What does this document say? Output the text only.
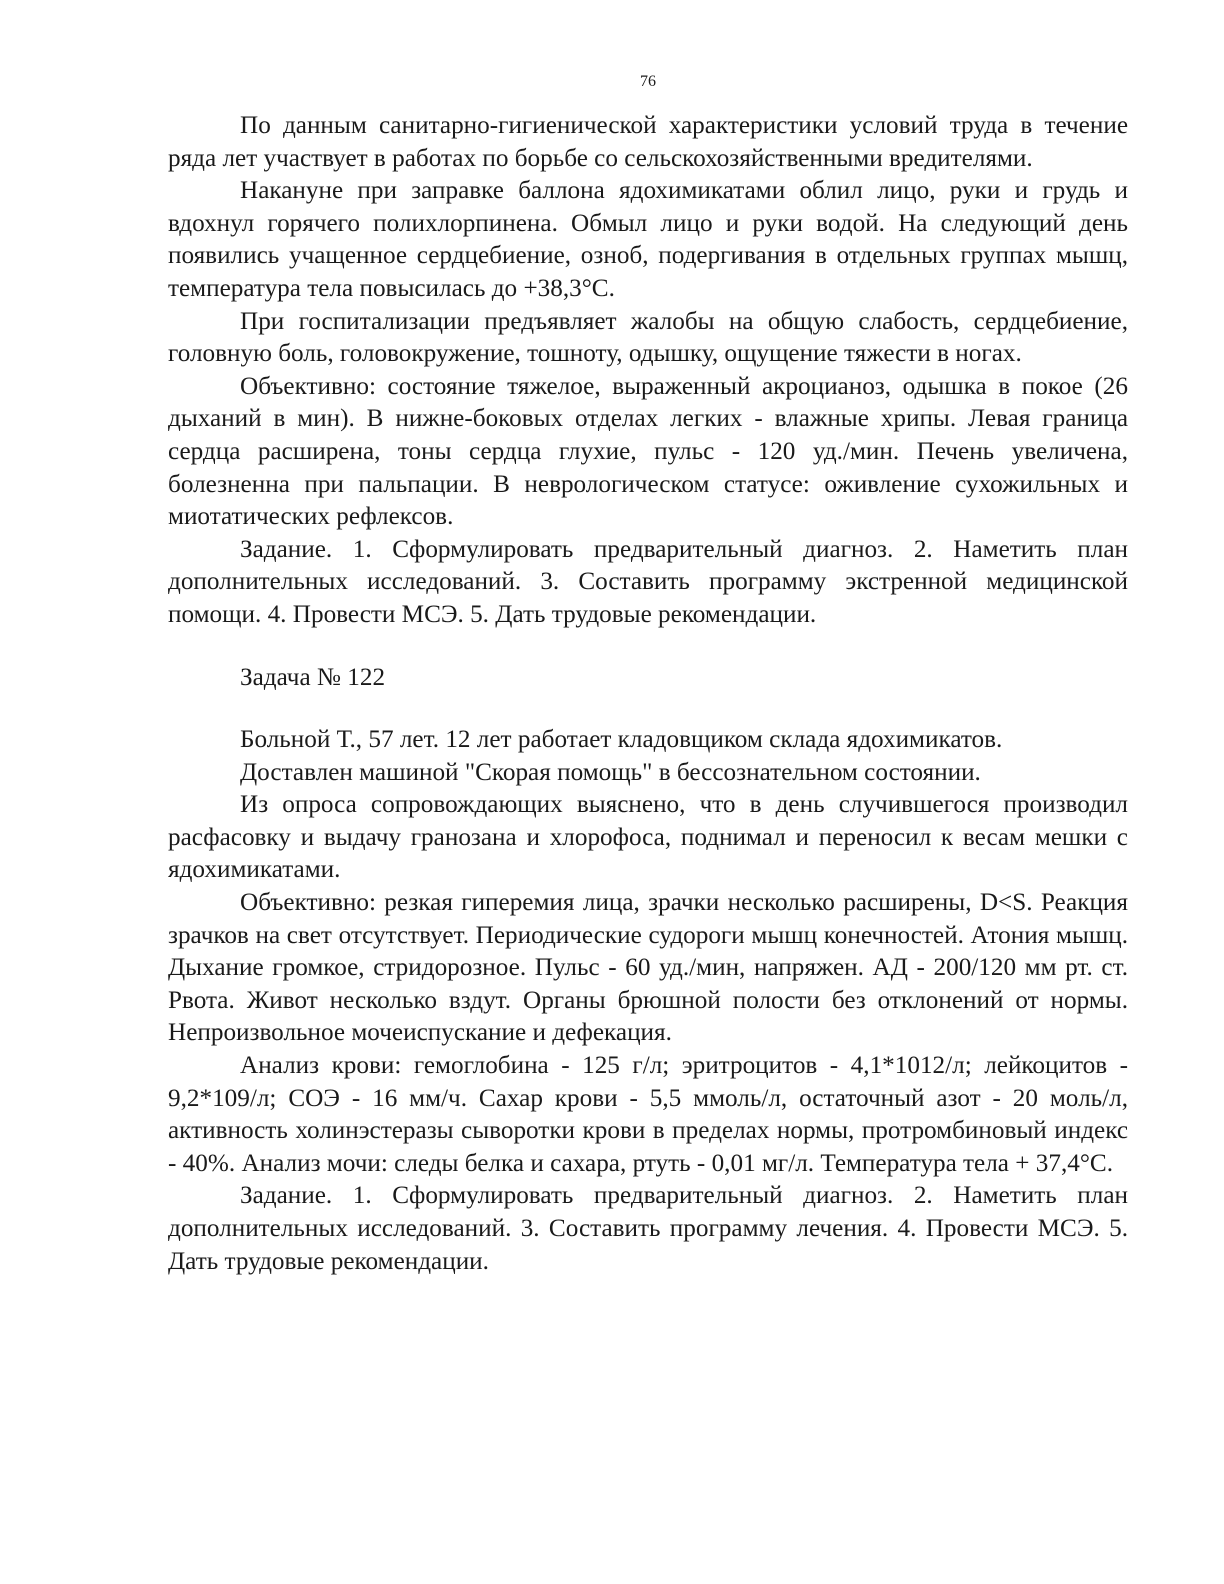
76

По данным санитарно-гигиенической характеристики условий труда в течение ряда лет участвует в работах по борьбе со сельскохозяйственными вредителями.

Накануне при заправке баллона ядохимикатами облил лицо, руки и грудь и вдохнул горячего полихлорпинена. Обмыл лицо и руки водой. На следующий день появились учащенное сердцебиение, озноб, подергивания в отдельных группах мышц, температура тела повысилась до +38,3°С.

При госпитализации предъявляет жалобы на общую слабость, сердцебиение, головную боль, головокружение, тошноту, одышку, ощущение тяжести в ногах.

Объективно: состояние тяжелое, выраженный акроцианоз, одышка в покое (26 дыханий в мин). В нижне-боковых отделах легких - влажные хрипы. Левая граница сердца расширена, тоны сердца глухие, пульс - 120 уд./мин. Печень увеличена, болезненна при пальпации. В неврологическом статусе: оживление сухожильных и миотатических рефлексов.

Задание. 1. Сформулировать предварительный диагноз. 2. Наметить план дополнительных исследований. 3. Составить программу экстренной медицинской помощи. 4. Провести МСЭ. 5. Дать трудовые рекомендации.

Задача № 122

Больной Т., 57 лет. 12 лет работает кладовщиком склада ядохимикатов.

Доставлен машиной "Скорая помощь" в бессознательном состоянии.

Из опроса сопровождающих выяснено, что в день случившегося производил расфасовку и выдачу гранозана и хлорофоса, поднимал и переносил к весам мешки с ядохимикатами.

Объективно: резкая гиперемия лица, зрачки несколько расширены, D<S. Реакция зрачков на свет отсутствует. Периодические судороги мышц конечностей. Атония мышц. Дыхание громкое, стридорозное. Пульс - 60 уд./мин, напряжен. АД - 200/120 мм рт. ст. Рвота. Живот несколько вздут. Органы брюшной полости без отклонений от нормы. Непроизвольное мочеиспускание и дефекация.

Анализ крови: гемоглобина - 125 г/л; эритроцитов - 4,1*1012/л; лейкоцитов - 9,2*109/л; СОЭ - 16 мм/ч. Сахар крови - 5,5 ммоль/л, остаточный азот - 20 моль/л, активность холинэстеразы сыворотки крови в пределах нормы, протромбиновый индекс - 40%. Анализ мочи: следы белка и сахара, ртуть - 0,01 мг/л. Температура тела + 37,4°С.

Задание. 1. Сформулировать предварительный диагноз. 2. Наметить план дополнительных исследований. 3. Составить программу лечения. 4. Провести МСЭ. 5. Дать трудовые рекомендации.
